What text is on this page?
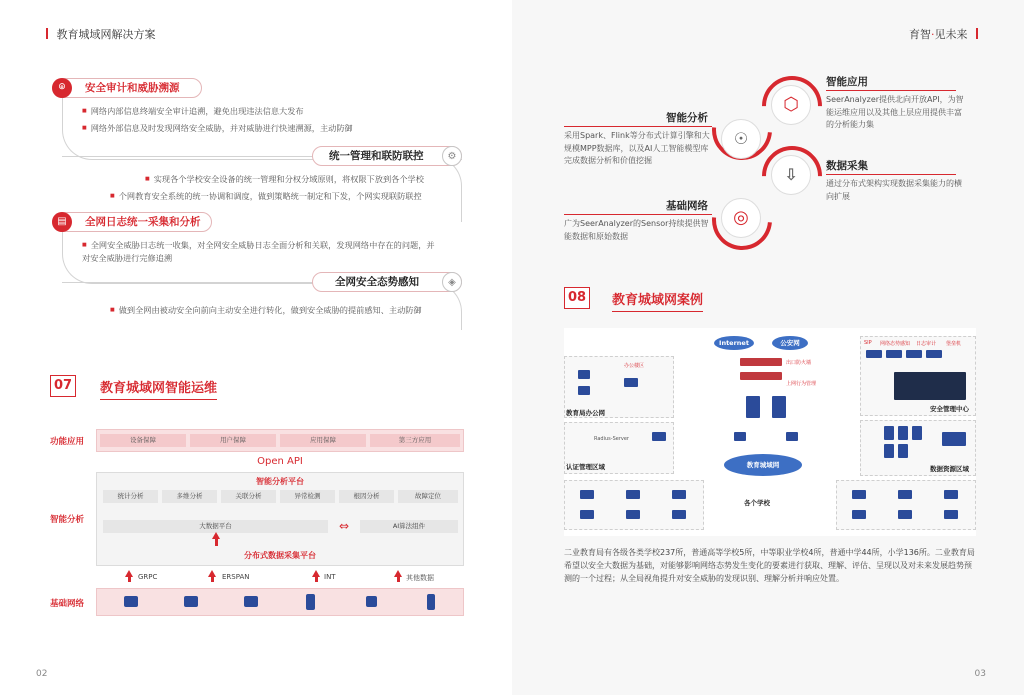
教育城域网解决方案
⌾	安全审计和威胁溯源
■ 网络内部信息终端安全审计追溯，避免出现违法信息大发布
■ 网络外部信息及时发现网络安全威胁，并对威胁进行快速溯源，主动防御
统一管理和联防联控	⚙
■ 实现各个学校安全设备的统一管理和分权分域原则，将权限下放到各个学校
■ 个网教育安全系统的统一协调和调度，做到策略统一制定和下发，个网实现联防联控
▤	全网日志统一采集和分析
■ 全网安全威胁日志统一收集，对全网安全威胁日志全面分析和关联，发现网络中存在的问题，并对安全威胁进行完修追溯
全网安全态势感知	◈
■ 做到全网由被动安全向前向主动安全进行转化，做到安全威胁的提前感知、主动防御
07	教育城域网智能运维
功能应用	设备保障	用户保障	应用保障	第三方应用
Open API
智能分析
智能分析平台
统计分析	多维分析	关联分析	异常检测	根因分析	故障定位
大数据平台	⇔	AI算法组件
分布式数据采集平台
GRPC	ERSPAN	INT	其他数据
基础网络
02
育智·见未来
⬡
☉
⇩
◎
智能应用
SeerAnalyzer提供北向开放API，为智能运维应用以及其他上层应用提供丰富的分析能力集
智能分析
采用Spark、Flink等分布式计算引擎和大规模MPP数据库，以及AI人工智能模型库完成数据分析和价值挖掘	数据采集
通过分布式架构实现数据采集能力的横向扩展
基础网络
广为SeerAnalyzer的Sensor持续提供智能数据和原始数据
08	教育城域网案例
Internet	公安网
出口防火墙
上网行为管理
办公楼区
教育局办公网
Radius-Server
认证管理区域	教育城域网
各个学校
SIP 网络态势感知 日志审计 堡垒机
安全管理中心
数据资源区域
二业教育局有各级各类学校237所，普通高等学校5所，中等职业学校4所，普通中学44所，小学136所。二业教育局希望以安全大数据为基础，对能够影响网络态势发生变化的要素进行获取、理解、评估、呈现以及对未来发展趋势预测的一个过程；从全局视角提升对安全威胁的发现识别、理解分析并响应处置。
03
